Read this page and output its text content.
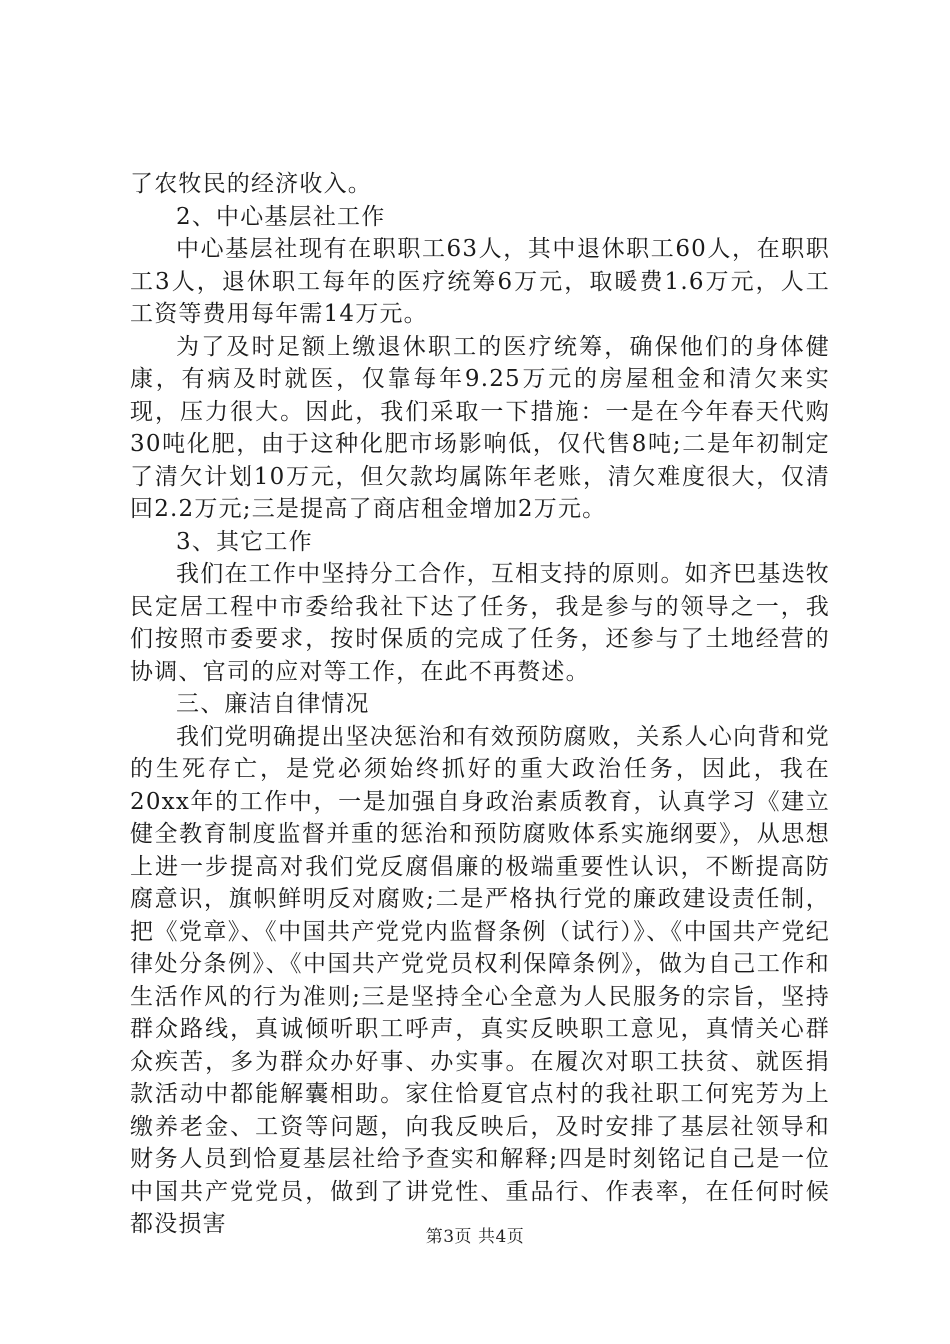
了农牧民的经济收入。

2、中心基层社工作

中心基层社现有在职职工63人，其中退休职工60人，在职职工3人，退休职工每年的医疗统筹6万元，取暖费1.6万元，人工工资等费用每年需14万元。

为了及时足额上缴退休职工的医疗统筹，确保他们的身体健康，有病及时就医，仅靠每年9.25万元的房屋租金和清欠来实现，压力很大。因此，我们采取一下措施：一是在今年春天代购30吨化肥，由于这种化肥市场影响低，仅代售8吨;二是年初制定了清欠计划10万元，但欠款均属陈年老账，清欠难度很大，仅清回2.2万元;三是提高了商店租金增加2万元。

3、其它工作

我们在工作中坚持分工合作，互相支持的原则。如齐巴基迭牧民定居工程中市委给我社下达了任务，我是参与的领导之一，我们按照市委要求，按时保质的完成了任务，还参与了土地经营的协调、官司的应对等工作，在此不再赘述。

三、廉洁自律情况

我们党明确提出坚决惩治和有效预防腐败，关系人心向背和党的生死存亡，是党必须始终抓好的重大政治任务，因此，我在20xx年的工作中，一是加强自身政治素质教育，认真学习《建立健全教育制度监督并重的惩治和预防腐败体系实施纲要》，从思想上进一步提高对我们党反腐倡廉的极端重要性认识，不断提高防腐意识，旗帜鲜明反对腐败;二是严格执行党的廉政建设责任制，把《党章》、《中国共产党党内监督条例（试行）》、《中国共产党纪律处分条例》、《中国共产党党员权利保障条例》，做为自己工作和生活作风的行为准则;三是坚持全心全意为人民服务的宗旨，坚持群众路线，真诚倾听职工呼声，真实反映职工意见，真情关心群众疾苦，多为群众办好事、办实事。在履次对职工扶贫、就医捐款活动中都能解囊相助。家住恰夏官点村的我社职工何宪芳为上缴养老金、工资等问题，向我反映后，及时安排了基层社领导和财务人员到恰夏基层社给予查实和解释;四是时刻铭记自己是一位中国共产党党员，做到了讲党性、重品行、作表率，在任何时候都没损害	第3页 共4页
